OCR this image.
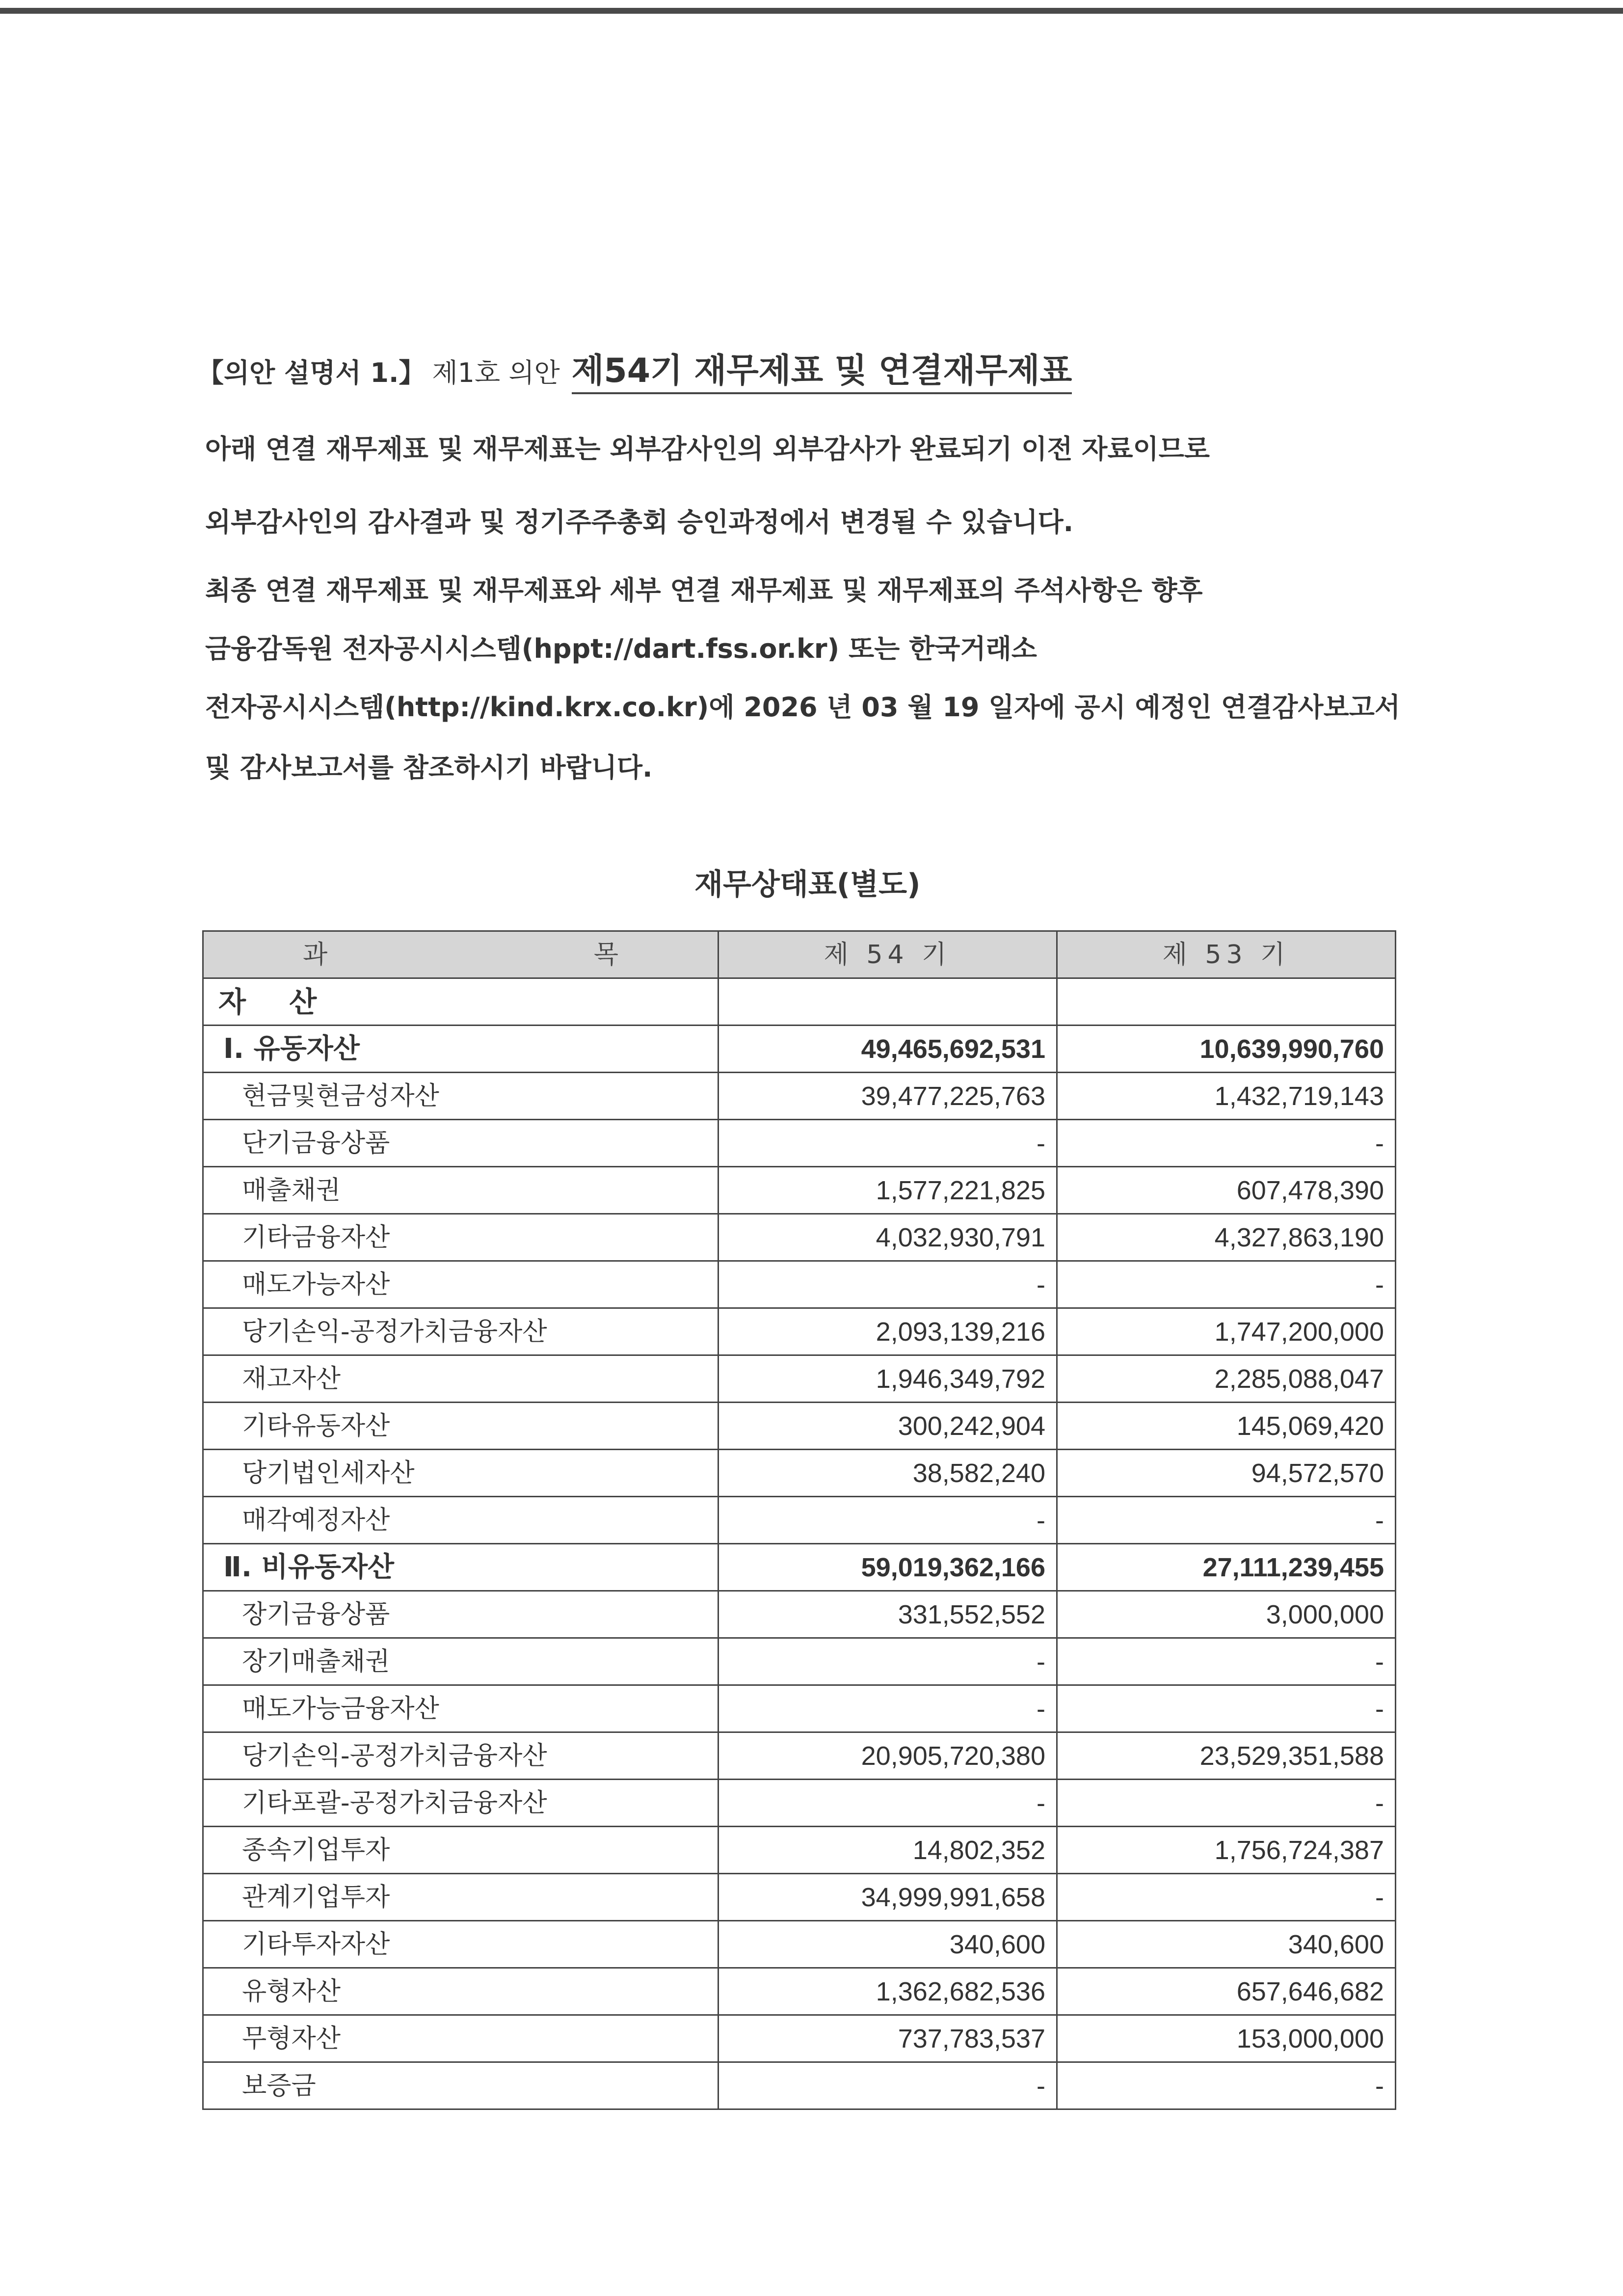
【의안 설명서 1.】 제1호 의안 제54기 재무제표 및 연결재무제표
아래 연결 재무제표 및 재무제표는 외부감사인의 외부감사가 완료되기 이전 자료이므로
외부감사인의 감사결과 및 정기주주총회 승인과정에서 변경될 수 있습니다.
최종 연결 재무제표 및 재무제표와 세부 연결 재무제표 및 재무제표의 주석사항은 향후
금융감독원 전자공시시스템(hppt://dart.fss.or.kr) 또는 한국거래소
전자공시시스템(http://kind.krx.co.kr)에 2026 년 03 월 19 일자에 공시 예정인 연결감사보고서
및 감사보고서를 참조하시기 바랍니다.
재무상태표(별도)
과 목	제 54 기	제 53 기
자 산		
Ⅰ. 유동자산	49,465,692,531	10,639,990,760
현금및현금성자산	39,477,225,763	1,432,719,143
단기금융상품	-	-
매출채권	1,577,221,825	607,478,390
기타금융자산	4,032,930,791	4,327,863,190
매도가능자산	-	-
당기손익-공정가치금융자산	2,093,139,216	1,747,200,000
재고자산	1,946,349,792	2,285,088,047
기타유동자산	300,242,904	145,069,420
당기법인세자산	38,582,240	94,572,570
매각예정자산	-	-
Ⅱ. 비유동자산	59,019,362,166	27,111,239,455
장기금융상품	331,552,552	3,000,000
장기매출채권	-	-
매도가능금융자산	-	-
당기손익-공정가치금융자산	20,905,720,380	23,529,351,588
기타포괄-공정가치금융자산	-	-
종속기업투자	14,802,352	1,756,724,387
관계기업투자	34,999,991,658	-
기타투자자산	340,600	340,600
유형자산	1,362,682,536	657,646,682
무형자산	737,783,537	153,000,000
보증금	-	-
